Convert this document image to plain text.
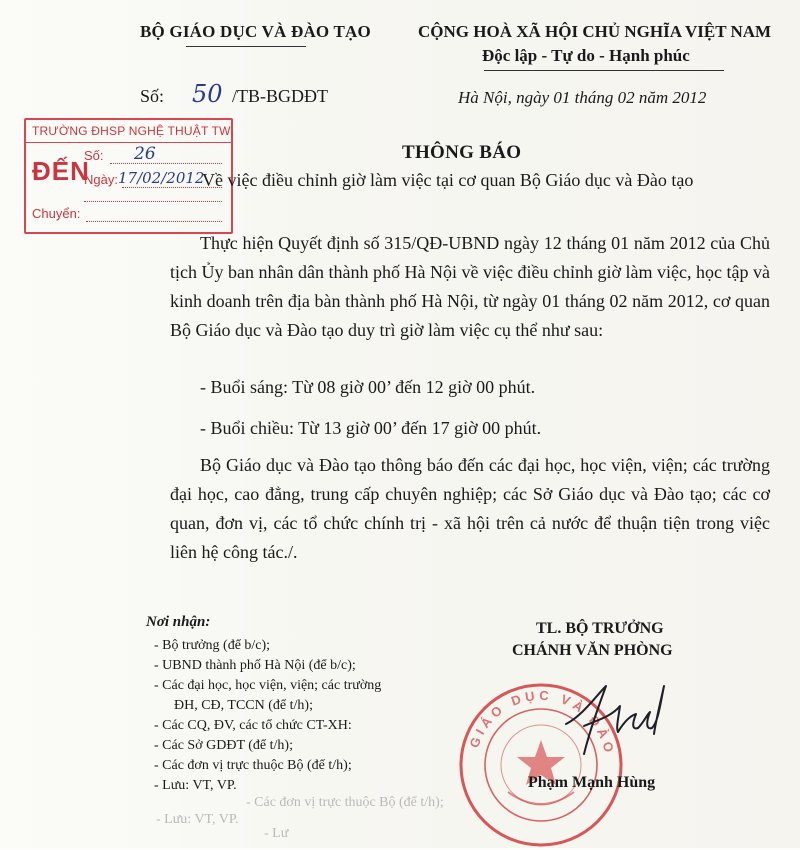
BỘ GIÁO DỤC VÀ ĐÀO TẠO	CỘNG HOÀ XÃ HỘI CHỦ NGHĨA VIỆT NAM
Độc lập - Tự do - Hạnh phúc
Số: 50 /TB-BGDĐT	Hà Nội, ngày 01 tháng 02 năm 2012
TRƯỜNG ĐHSP NGHỆ THUẬT TW
ĐẾN
Số: 26
Ngày: 17/02/2012
Chuyển:
THÔNG BÁO
Về việc điều chỉnh giờ làm việc tại cơ quan Bộ Giáo dục và Đào tạo
Thực hiện Quyết định số 315/QĐ-UBND ngày 12 tháng 01 năm 2012 của Chủ tịch Ủy ban nhân dân thành phố Hà Nội về việc điều chỉnh giờ làm việc, học tập và kinh doanh trên địa bàn thành phố Hà Nội, từ ngày 01 tháng 02 năm 2012, cơ quan Bộ Giáo dục và Đào tạo duy trì giờ làm việc cụ thể như sau:
- Buổi sáng: Từ 08 giờ 00’ đến 12 giờ 00 phút.
- Buổi chiều: Từ 13 giờ 00’ đến 17 giờ 00 phút.
Bộ Giáo dục và Đào tạo thông báo đến các đại học, học viện, viện; các trường đại học, cao đẳng, trung cấp chuyên nghiệp; các Sở Giáo dục và Đào tạo; các cơ quan, đơn vị, các tổ chức chính trị - xã hội trên cả nước để thuận tiện trong việc liên hệ công tác./.
Nơi nhận:
- Bộ trưởng (để b/c);
- UBND thành phố Hà Nội (để b/c);
- Các đại học, học viện, viện; các trường
ĐH, CĐ, TCCN (để t/h);
- Các CQ, ĐV, các tổ chức CT-XH:
- Các Sở GDĐT (để t/h);
- Các đơn vị trực thuộc Bộ (để t/h);
- Lưu: VT, VP.
- Các đơn vị trực thuộc Bộ (để t/h);
- Lưu: VT, VP.
- Lư
TL. BỘ TRƯỞNG
CHÁNH VĂN PHÒNG
GIÁO DỤC VÀ ĐÀO
Phạm Mạnh Hùng
